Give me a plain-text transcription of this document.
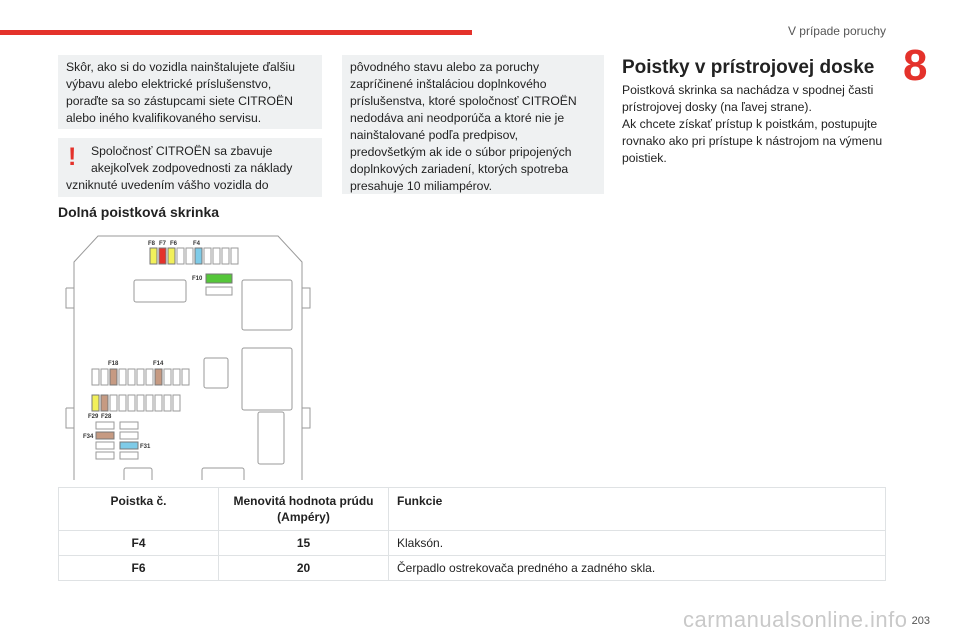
V prípade poruchy
8
Skôr, ako si do vozidla nainštalujete ďalšiu výbavu alebo elektrické príslušenstvo, poraďte sa so zástupcami siete CITROËN alebo iného kvalifikovaného servisu.
!	Spoločnosť CITROËN sa zbavuje akejkoľvek zodpovednosti za náklady
vzniknuté uvedením vášho vozidla do
pôvodného stavu alebo za poruchy zapríčinené inštaláciou doplnkového príslušenstva, ktoré spoločnosť CITROËN nedodáva ani neodporúča a ktoré nie je nainštalované podľa predpisov, predovšetkým ak ide o súbor pripojených doplnkových zariadení, ktorých spotreba presahuje 10 miliampérov.
Dolná poistková skrinka
F8 F7 F6	F4
F10
F18	F14
F29 F28
F34
F31
Poistky v prístrojovej doske

Poistková skrinka sa nachádza v spodnej časti prístrojovej dosky (na ľavej strane).

Ak chcete získať prístup k poistkám, postupujte rovnako ako pri prístupe k nástrojom na výmenu poistiek.

Poistka č.	Menovitá hodnota prúdu (Ampéry)	Funkcie
F4	15	Klaksón.
F6	20	Čerpadlo ostrekovača predného a zadného skla.
203
carmanualsonline.info
